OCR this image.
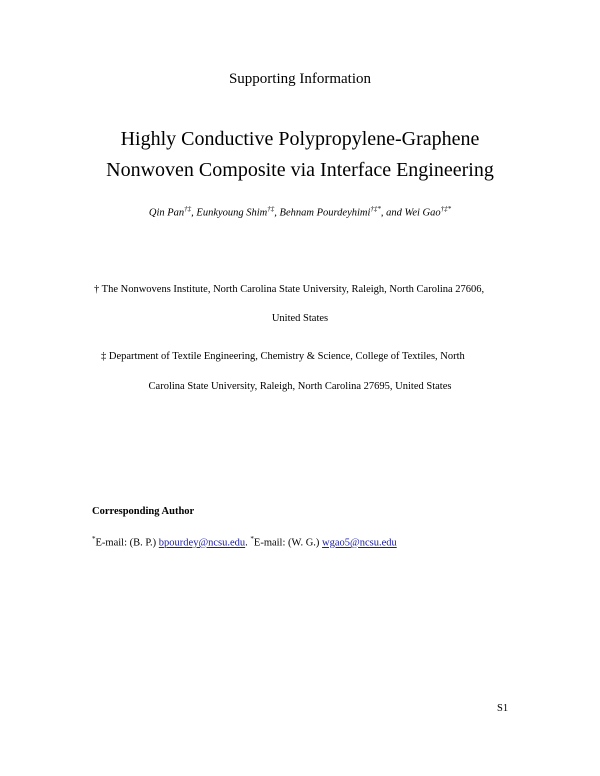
Supporting Information
Highly Conductive Polypropylene-Graphene
Nonwoven Composite via Interface Engineering
Qin Pan†‡, Eunkyoung Shim†‡, Behnam Pourdeyhimi†‡*, and Wei Gao†‡*
† The Nonwovens Institute, North Carolina State University, Raleigh, North Carolina 27606,
United States
‡ Department of Textile Engineering, Chemistry & Science, College of Textiles, North
Carolina State University, Raleigh, North Carolina 27695, United States
Corresponding Author
*E-mail: (B. P.) bpourdey@ncsu.edu. *E-mail: (W. G.) wgao5@ncsu.edu
S1
